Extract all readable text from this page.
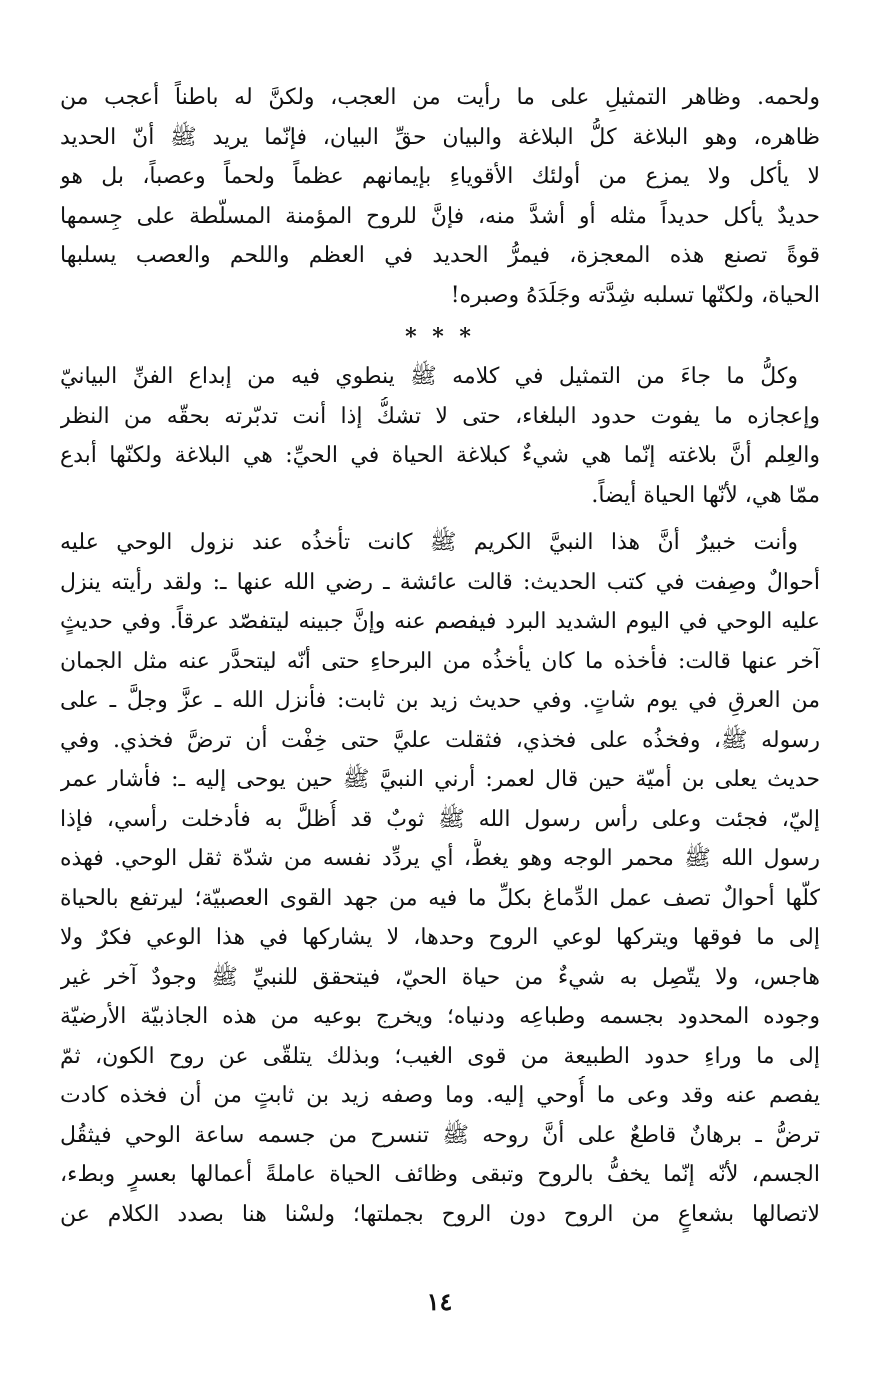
ولحمه. وظاهر التمثيلِ على ما رأيت من العجب، ولكنَّ له باطناً أعجب من
ظاهره، وهو البلاغة كلُّ البلاغة والبيان حقِّ البيان، فإنّما يريد ﷺ أنّ الحديد
لا يأكل ولا يمزع من أولئك الأقوياءِ بإيمانهم عظماً ولحماً وعصباً، بل هو
حديدٌ يأكل حديداً مثله أو أشدَّ منه، فإنَّ للروح المؤمنة المسلّطة على جِسمها
قوةً تصنع هذه المعجزة، فيمرُّ الحديد في العظم واللحم والعصب يسلبها
الحياة، ولكنّها تسلبه شِدَّته وجَلَدَهُ وصبره!
* * *
وكلُّ ما جاءَ من التمثيل في كلامه ﷺ ينطوي فيه من إبداع الفنِّ البيانيّ
وإعجازه ما يفوت حدود البلغاء، حتى لا تشكُّ إذا أنت تدبّرته بحقّه من النظر
والعِلم أنَّ بلاغته إنّما هي شيءٌ كبلاغة الحياة في الحيِّ: هي البلاغة ولكنّها أبدع
ممّا هي، لأنّها الحياة أيضاً.
وأنت خبيرٌ أنَّ هذا النبيَّ الكريم ﷺ كانت تأخذُه عند نزول الوحي عليه
أحوالٌ وصِفت في كتب الحديث: قالت عائشة ـ رضي الله عنها ـ: ولقد رأيته ينزل
عليه الوحي في اليوم الشديد البرد فيفصم عنه وإنَّ جبينه ليتفصّد عرقاً. وفي حديثٍ
آخر عنها قالت: فأخذه ما كان يأخذُه من البرحاءِ حتى أنّه ليتحدَّر عنه مثل الجمان
من العرقِ في يوم شاتٍ. وفي حديث زيد بن ثابت: فأنزل الله ـ عزَّ وجلَّ ـ على
رسوله ﷺ، وفخذُه على فخذي، فثقلت عليَّ حتى خِفْت أن ترضَّ فخذي. وفي
حديث يعلى بن أميّة حين قال لعمر: أرني النبيَّ ﷺ حين يوحى إليه ـ: فأشار عمر
إليّ، فجئت وعلى رأس رسول الله ﷺ ثوبٌ قد أُظلَّ به فأدخلت رأسي، فإذا
رسول الله ﷺ محمر الوجه وهو يغطُّ، أي يردِّد نفسه من شدّة ثقل الوحي. فهذه
كلّها أحوالٌ تصف عمل الدِّماغ بكلِّ ما فيه من جهد القوى العصبيّة؛ ليرتفع بالحياة
إلى ما فوقها ويتركها لوعي الروح وحدها، لا يشاركها في هذا الوعي فكرٌ ولا
هاجس، ولا يتّصِل به شيءٌ من حياة الحيّ، فيتحقق للنبيِّ ﷺ وجودٌ آخر غير
وجوده المحدود بجسمه وطباعِه ودنياه؛ ويخرج بوعيه من هذه الجاذبيّة الأرضيّة
إلى ما وراءِ حدود الطبيعة من قوى الغيب؛ وبذلك يتلقّى عن روح الكون، ثمّ
يفصم عنه وقد وعى ما أُوحي إليه. وما وصفه زيد بن ثابتٍ من أن فخذه كادت
ترضُّ ـ برهانٌ قاطعٌ على أنَّ روحه ﷺ تنسرح من جسمه ساعة الوحي فيثقُل
الجسم، لأنّه إنّما يخفُّ بالروح وتبقى وظائف الحياة عاملةً أعمالها بعسرٍ وبطء،
لاتصالها بشعاعٍ من الروح دون الروح بجملتها؛ ولسْنا هنا بصدد الكلام عن
١٤
